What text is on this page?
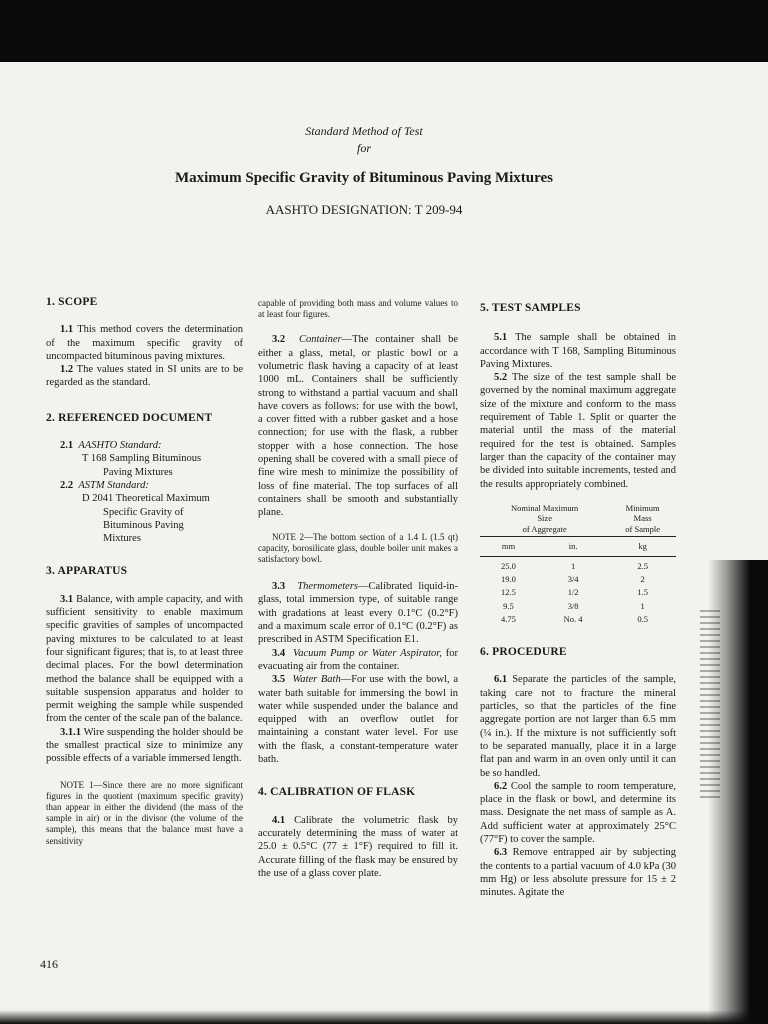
Standard Method of Test
for
Maximum Specific Gravity of Bituminous Paving Mixtures
AASHTO DESIGNATION: T 209-94
1. SCOPE

1.1 This method covers the determination of the maximum specific gravity of uncompacted bituminous paving mixtures.

1.2 The values stated in SI units are to be regarded as the standard.

2. REFERENCED DOCUMENT
2.1 AASHTO Standard:
T 168 Sampling Bituminous
Paving Mixtures
2.2 ASTM Standard:
D 2041 Theoretical Maximum
Specific Gravity of
Bituminous Paving
Mixtures
3. APPARATUS

3.1 Balance, with ample capacity, and with sufficient sensitivity to enable maximum specific gravities of samples of uncompacted paving mixtures to be calculated to at least four significant figures; that is, to at least three decimal places. For the bowl determination method the balance shall be equipped with a suitable suspension apparatus and holder to permit weighing the sample while suspended from the center of the scale pan of the balance.

3.1.1 Wire suspending the holder should be the smallest practical size to minimize any possible effects of a variable immersed length.

NOTE 1—Since there are no more significant figures in the quotient (maximum specific gravity) than appear in either the dividend (the mass of the sample in air) or in the divisor (the volume of the sample), this means that the balance must have a sensitivity

capable of providing both mass and volume values to at least four figures.

3.2 Container—The container shall be either a glass, metal, or plastic bowl or a volumetric flask having a capacity of at least 1000 mL. Containers shall be sufficiently strong to withstand a partial vacuum and shall have covers as follows: for use with the bowl, a cover fitted with a rubber gasket and a hose connection; for use with the flask, a rubber stopper with a hose connection. The hose opening shall be covered with a small piece of fine wire mesh to minimize the possibility of loss of fine material. The top surfaces of all containers shall be smooth and substantially plane.

NOTE 2—The bottom section of a 1.4 L (1.5 qt) capacity, borosilicate glass, double boiler unit makes a satisfactory bowl.

3.3 Thermometers—Calibrated liquid-in-glass, total immersion type, of suitable range with gradations at least every 0.1°C (0.2°F) and a maximum scale error of 0.1°C (0.2°F) as prescribed in ASTM Specification E1.

3.4 Vacuum Pump or Water Aspirator, for evacuating air from the container.

3.5 Water Bath—For use with the bowl, a water bath suitable for immersing the bowl in water while suspended under the balance and equipped with an overflow outlet for maintaining a constant water level. For use with the flask, a constant-temperature water bath.

4. CALIBRATION OF FLASK

4.1 Calibrate the volumetric flask by accurately determining the mass of water at 25.0 ± 0.5°C (77 ± 1°F) required to fill it. Accurate filling of the flask may be ensured by the use of a glass cover plate.

5. TEST SAMPLES

5.1 The sample shall be obtained in accordance with T 168, Sampling Bituminous Paving Mixtures.

5.2 The size of the test sample shall be governed by the nominal maximum aggregate size of the mixture and conform to the mass requirement of Table 1. Split or quarter the material until the mass of the material required for the test is obtained. Samples larger than the capacity of the container may be divided into suitable increments, tested and the results appropriately combined.

Nominal Maximum
Size
of Aggregate		Minimum
Mass
of Sample
mm	in.	kg
25.0	1	2.5
19.0	3/4	2
12.5	1/2	1.5
9.5	3/8	1
4.75	No. 4	0.5
6. PROCEDURE

6.1 Separate the particles of the sample, taking care not to fracture the mineral particles, so that the particles of the fine aggregate portion are not larger than 6.5 mm (¼ in.). If the mixture is not sufficiently soft to be separated manually, place it in a large flat pan and warm in an oven only until it can be so handled.

6.2 Cool the sample to room temperature, place in the flask or bowl, and determine its mass. Designate the net mass of sample as A. Add sufficient water at approximately 25°C (77°F) to cover the sample.

6.3 Remove entrapped air by subjecting the contents to a partial vacuum of 4.0 kPa (30 mm Hg) or less absolute pressure for 15 ± 2 minutes. Agitate the

416
